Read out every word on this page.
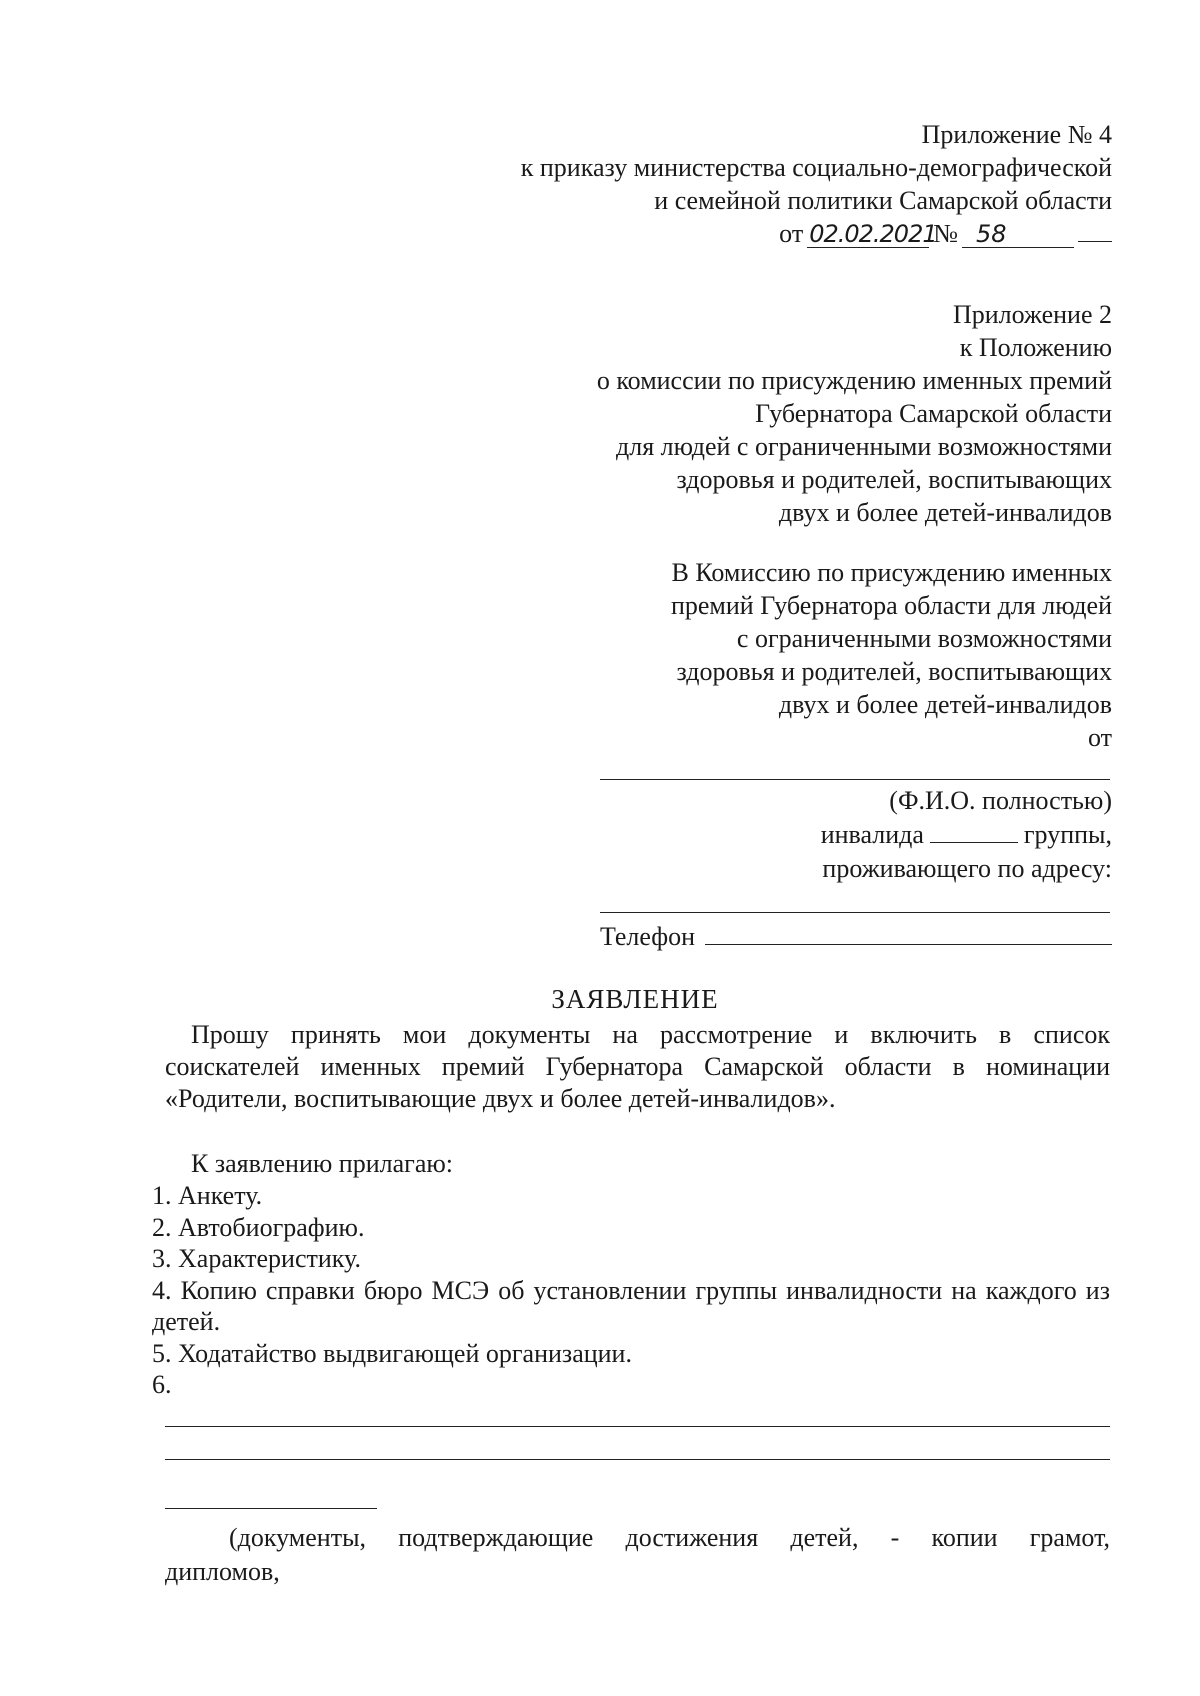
Приложение № 4
к приказу министерства социально-демографической
и семейной политики Самарской области
от 02.02.2021
№ 58
Приложение 2
к Положению
о комиссии по присуждению именных премий
Губернатора Самарской области
для людей с ограниченными возможностями
здоровья и родителей, воспитывающих
двух и более детей-инвалидов
В Комиссию по присуждению именных
премий Губернатора области для людей
с ограниченными возможностями
здоровья и родителей, воспитывающих
двух и более детей-инвалидов
от
(Ф.И.О. полностью)
инвалида	группы,
проживающего по адресу:
Телефон
ЗАЯВЛЕНИЕ
Прошу принять мои документы на рассмотрение и включить в список соискателей именных премий Губернатора Самарской области в номинации «Родители, воспитывающие двух и более детей-инвалидов».
К заявлению прилагаю:
1. Анкету.
2. Автобиографию.
3. Характеристику.
4. Копию справки бюро МСЭ об установлении группы инвалидности на каждого из детей.
5. Ходатайство выдвигающей организации.
6.
(документы, подтверждающие достижения детей, - копии грамот,
дипломов,
